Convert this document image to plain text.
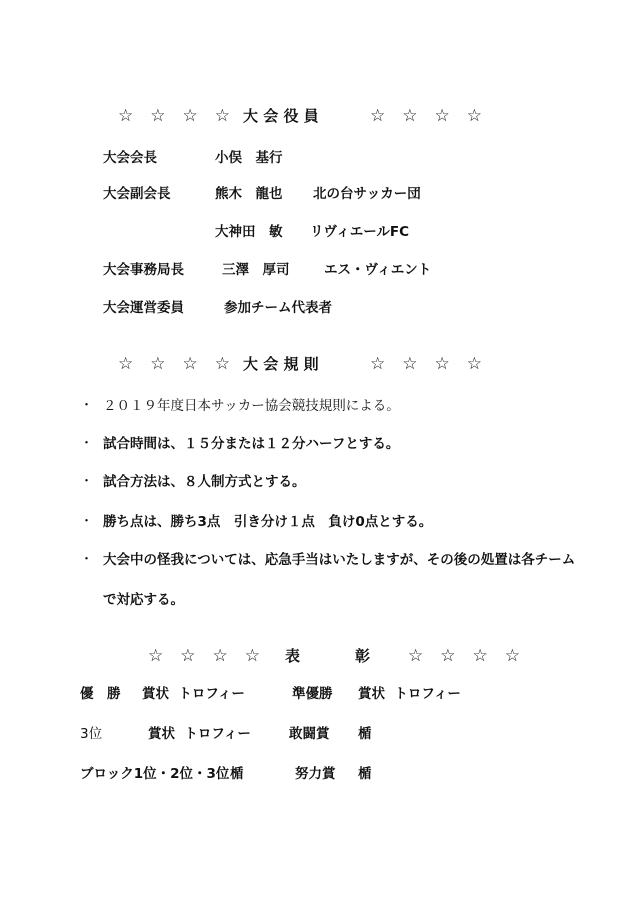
☆　☆　☆　☆ 大 会 役 員	☆　☆　☆　☆
大会会長	小俣　基行
大会副会長	熊木　龍也 北の台サッカー団
大神田　敏 リヴィエールFC
大会事務局長	三澤　厚司	エス・ヴィエント
大会運営委員	参加チーム代表者
☆　☆　☆　☆ 大 会 規 則	☆　☆　☆　☆
・ ２０１９年度日本サッカー協会競技規則による。
・ 試合時間は、１５分または１２分ハーフとする。
・ 試合方法は、８人制方式とする。
・ 勝ち点は、勝ち3点　引き分け１点　負け0点とする。
・ 大会中の怪我については、応急手当はいたしますが、その後の処置は各チーム
で対応する。
☆　☆　☆　☆ 表	彰 ☆　☆　☆　☆
優　勝 賞状  トロフィー	準優勝 賞状  トロフィー
3位	賞状  トロフィー	敢闘賞 楯
ブロック1位・2位・3位 楯	努力賞 楯
